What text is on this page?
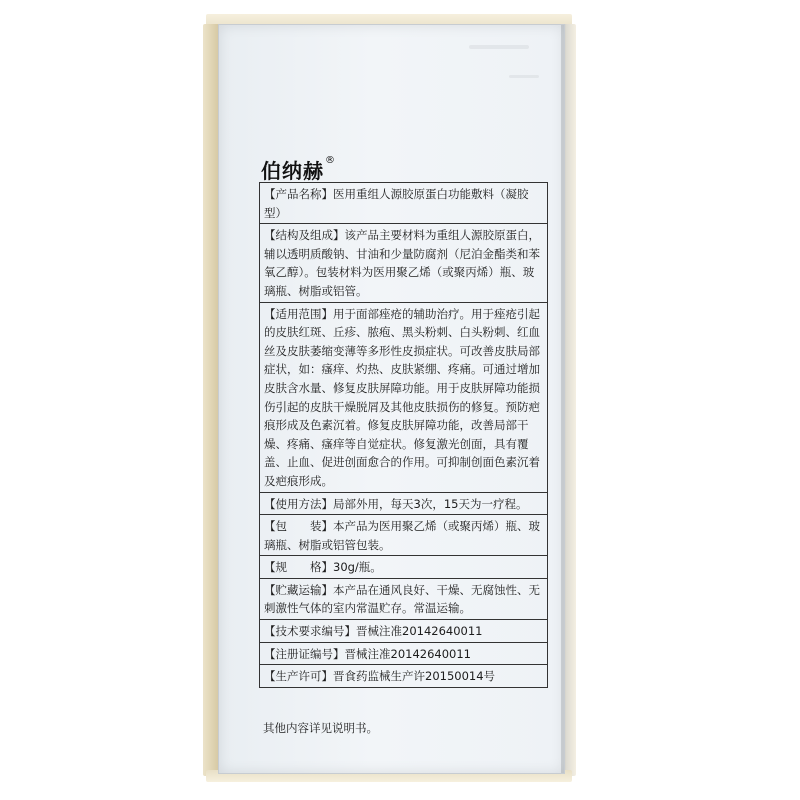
伯纳赫®
【产品名称】医用重组人源胶原蛋白功能敷料（凝胶型）
【结构及组成】该产品主要材料为重组人源胶原蛋白，辅以透明质酸钠、甘油和少量防腐剂（尼泊金酯类和苯氧乙醇）。包装材料为医用聚乙烯（或聚丙烯）瓶、玻璃瓶、树脂或铝管。
【适用范围】用于面部痤疮的辅助治疗。用于痤疮引起的皮肤红斑、丘疹、脓疱、黑头粉刺、白头粉刺、红血丝及皮肤萎缩变薄等多形性皮损症状。可改善皮肤局部症状，如：瘙痒、灼热、皮肤紧绷、疼痛。可通过增加皮肤含水量、修复皮肤屏障功能。用于皮肤屏障功能损伤引起的皮肤干燥脱屑及其他皮肤损伤的修复。预防疤痕形成及色素沉着。修复皮肤屏障功能，改善局部干燥、疼痛、瘙痒等自觉症状。修复激光创面，具有覆盖、止血、促进创面愈合的作用。可抑制创面色素沉着及疤痕形成。
【使用方法】局部外用，每天3次，15天为一疗程。
【包　　装】本产品为医用聚乙烯（或聚丙烯）瓶、玻璃瓶、树脂或铝管包装。
【规　　格】30g/瓶。
【贮藏运输】本产品在通风良好、干燥、无腐蚀性、无刺激性气体的室内常温贮存。常温运输。
【技术要求编号】晋械注准20142640011
【注册证编号】晋械注准20142640011
【生产许可】晋食药监械生产许20150014号
其他内容详见说明书。
